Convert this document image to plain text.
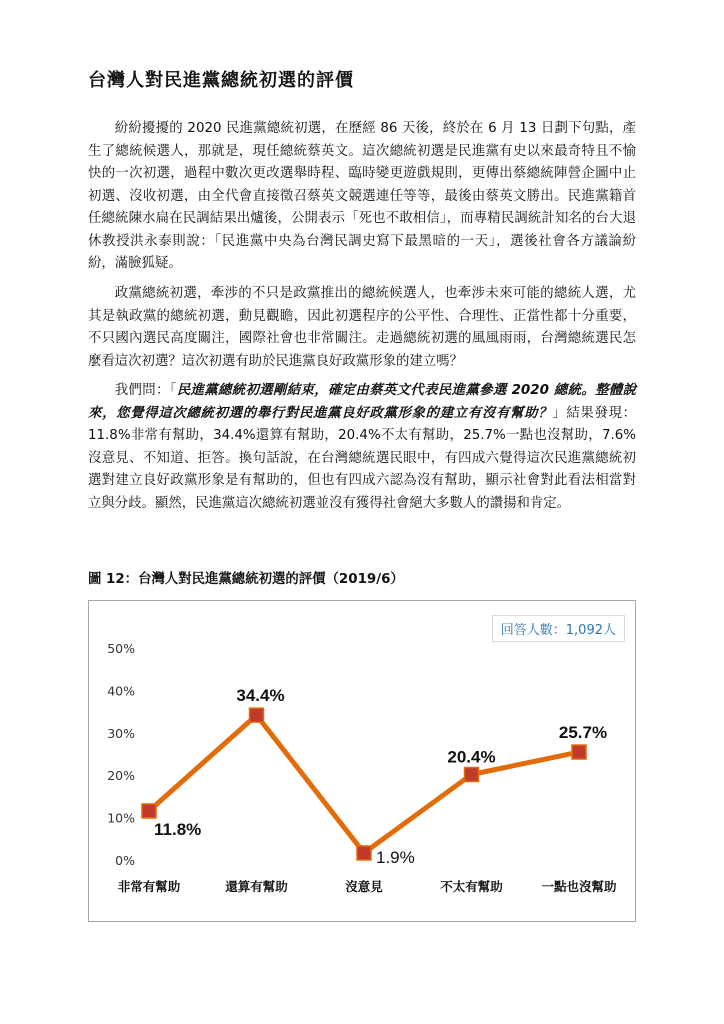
台灣人對民進黨總統初選的評價

紛紛擾擾的 2020 民進黨總統初選，在歷經 86 天後，終於在 6 月 13 日劃下句點，產生了總統候選人，那就是，現任總統蔡英文。這次總統初選是民進黨有史以來最奇特且不愉快的一次初選，過程中數次更改選舉時程、臨時變更遊戲規則，更傳出蔡總統陣營企圖中止初選、沒收初選，由全代會直接徵召蔡英文競選連任等等，最後由蔡英文勝出。民進黨籍首任總統陳水扁在民調結果出爐後，公開表示「死也不敢相信」，而專精民調統計知名的台大退休教授洪永泰則說：「民進黨中央為台灣民調史寫下最黑暗的一天」，選後社會各方議論紛紛，滿臉狐疑。

政黨總統初選，牽涉的不只是政黨推出的總統候選人，也牽涉未來可能的總統人選，尤其是執政黨的總統初選，動見觀瞻，因此初選程序的公平性、合理性、正當性都十分重要，不只國內選民高度關注，國際社會也非常關注。走過總統初選的風風雨雨，台灣總統選民怎麼看這次初選？這次初選有助於民進黨良好政黨形象的建立嗎？

我們問：「民進黨總統初選剛結束，確定由蔡英文代表民進黨參選 2020 總統。整體說來，您覺得這次總統初選的舉行對民進黨良好政黨形象的建立有沒有幫助？」結果發現：11.8%非常有幫助，34.4%還算有幫助，20.4%不太有幫助，25.7%一點也沒幫助，7.6%沒意見、不知道、拒答。換句話說，在台灣總統選民眼中，有四成六覺得這次民進黨總統初選對建立良好政黨形象是有幫助的，但也有四成六認為沒有幫助，顯示社會對此看法相當對立與分歧。顯然，民進黨這次總統初選並沒有獲得社會絕大多數人的讚揚和肯定。

圖 12：台灣人對民進黨總統初選的評價（2019/6）
0%
10%
20%
30%
40%
50%
非常有幫助	還算有幫助	沒意見	不太有幫助	一點也沒幫助
11.8%
34.4%
1.9%
20.4%
25.7%
回答人數：1,092人
